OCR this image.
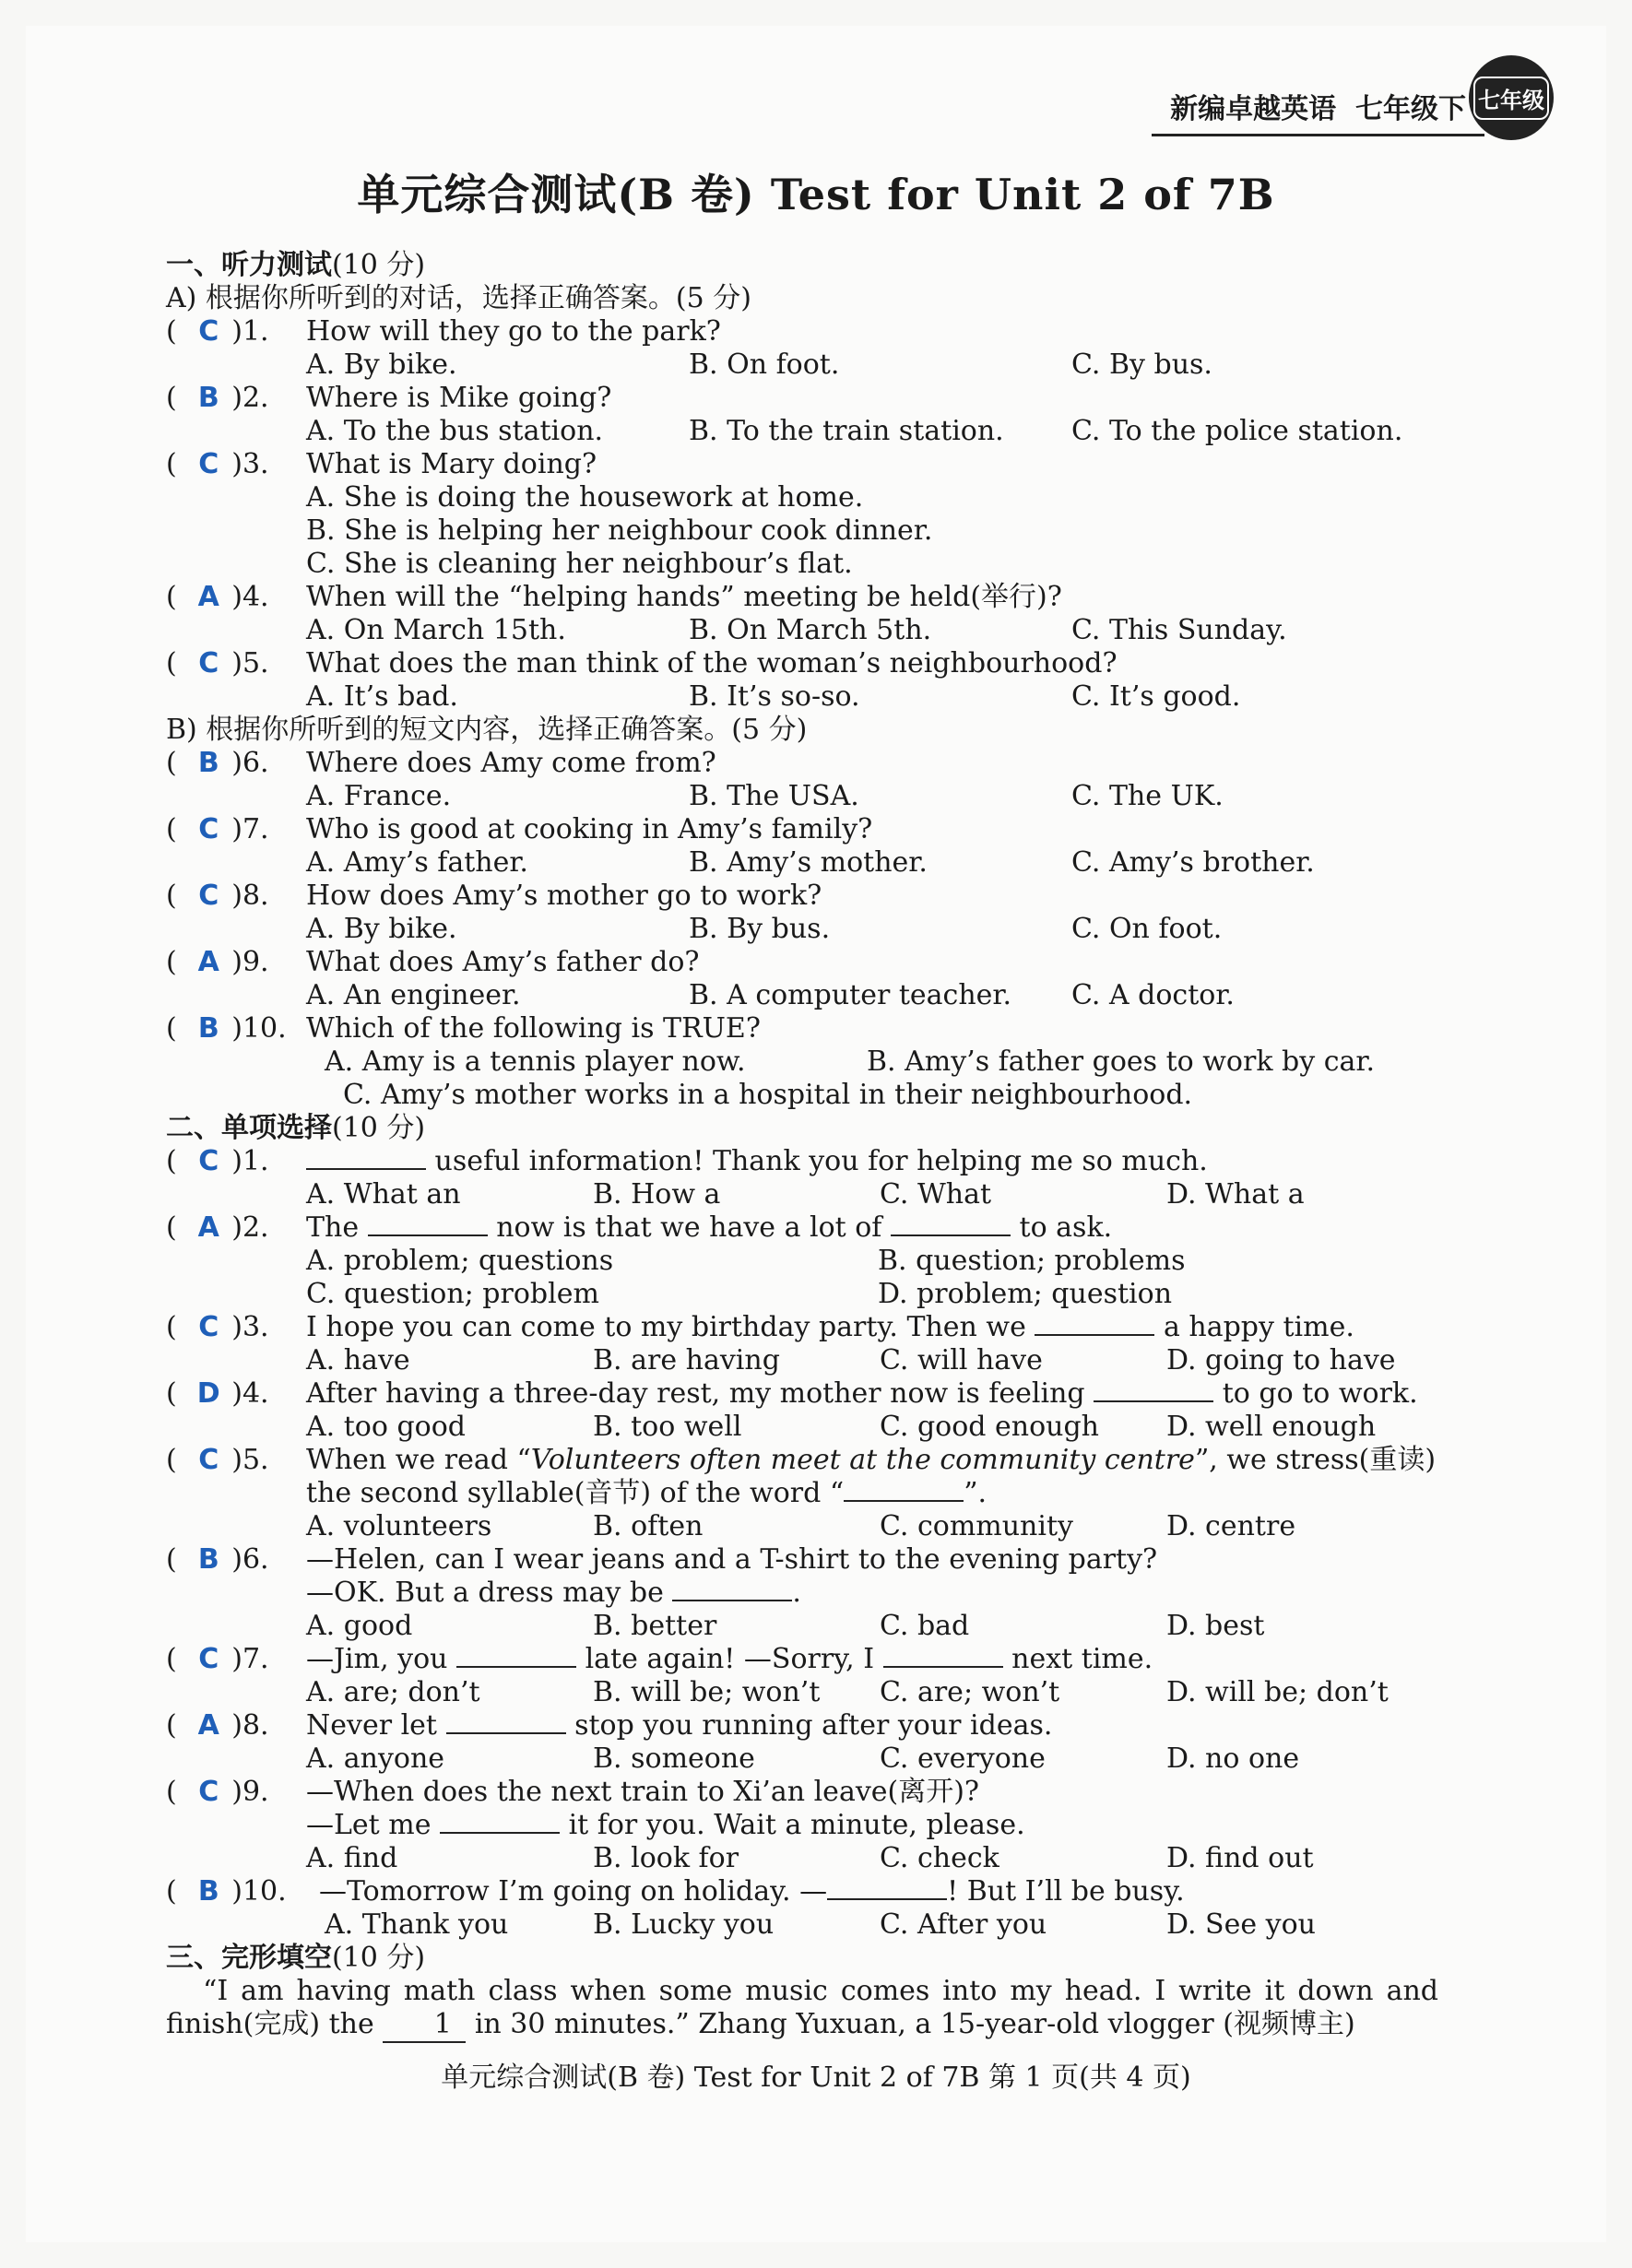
新编卓越英语 七年级下 七年级
单元综合测试(B 卷) Test for Unit 2 of 7B
一、听力测试(10 分)
A) 根据你所听到的对话，选择正确答案。(5 分)
( C )1.	How will they go to the park?
A. By bike.	B. On foot.	C. By bus.
( B )2.	Where is Mike going?
A. To the bus station.	B. To the train station.	C. To the police station.
( C )3.	What is Mary doing?
A. She is doing the housework at home.
B. She is helping her neighbour cook dinner.
C. She is cleaning her neighbour’s flat.
( A )4.	When will the “helping hands” meeting be held(举行)?
A. On March 15th.	B. On March 5th.	C. This Sunday.
( C )5.	What does the man think of the woman’s neighbourhood?
A. It’s bad.	B. It’s so-so.	C. It’s good.
B) 根据你所听到的短文内容，选择正确答案。(5 分)
( B )6.	Where does Amy come from?
A. France.	B. The USA.	C. The UK.
( C )7.	Who is good at cooking in Amy’s family?
A. Amy’s father.	B. Amy’s mother.	C. Amy’s brother.
( C )8.	How does Amy’s mother go to work?
A. By bike.	B. By bus.	C. On foot.
( A )9.	What does Amy’s father do?
A. An engineer.	B. A computer teacher.	C. A doctor.
( B )10. Which of the following is TRUE?
A. Amy is a tennis player now.	B. Amy’s father goes to work by car.
C. Amy’s mother works in a hospital in their neighbourhood.
二、单项选择(10 分)
( C )1.	useful information! Thank you for helping me so much.
A. What an	B. How a	C. What	D. What a
( A )2.	The	now is that we have a lot of	to ask.
A. problem; questions	B. question; problems
C. question; problem	D. problem; question
( C )3.	I hope you can come to my birthday party. Then we	a happy time.
A. have	B. are having	C. will have	D. going to have
( D )4.	After having a three-day rest, my mother now is feeling	to go to work.
A. too good	B. too well	C. good enough	D. well enough
( C )5.	When we read “Volunteers often meet at the community centre”, we stress(重读)
the second syllable(音节) of the word “	”.
A. volunteers	B. often	C. community	D. centre
( B )6.	—Helen, can I wear jeans and a T-shirt to the evening party?
—OK. But a dress may be	.
A. good	B. better	C. bad	D. best
( C )7.	—Jim, you	late again! —Sorry, I	next time.
A. are; don’t	B. will be; won’t	C. are; won’t	D. will be; don’t
( A )8.	Never let	stop you running after your ideas.
A. anyone	B. someone	C. everyone	D. no one
( C )9.	—When does the next train to Xi’an leave(离开)?
—Let me	it for you. Wait a minute, please.
A. find	B. look for	C. check	D. find out
( B )10.	—Tomorrow I’m going on holiday. —	! But I’ll be busy.
A. Thank you	B. Lucky you	C. After you	D. See you
三、完形填空(10 分)
“I am having math class when some music comes into my head. I write it down and finish(完成) the 1 in 30 minutes.” Zhang Yuxuan, a 15-year-old vlogger (视频博主)
单元综合测试(B 卷) Test for Unit 2 of 7B 第 1 页(共 4 页)
